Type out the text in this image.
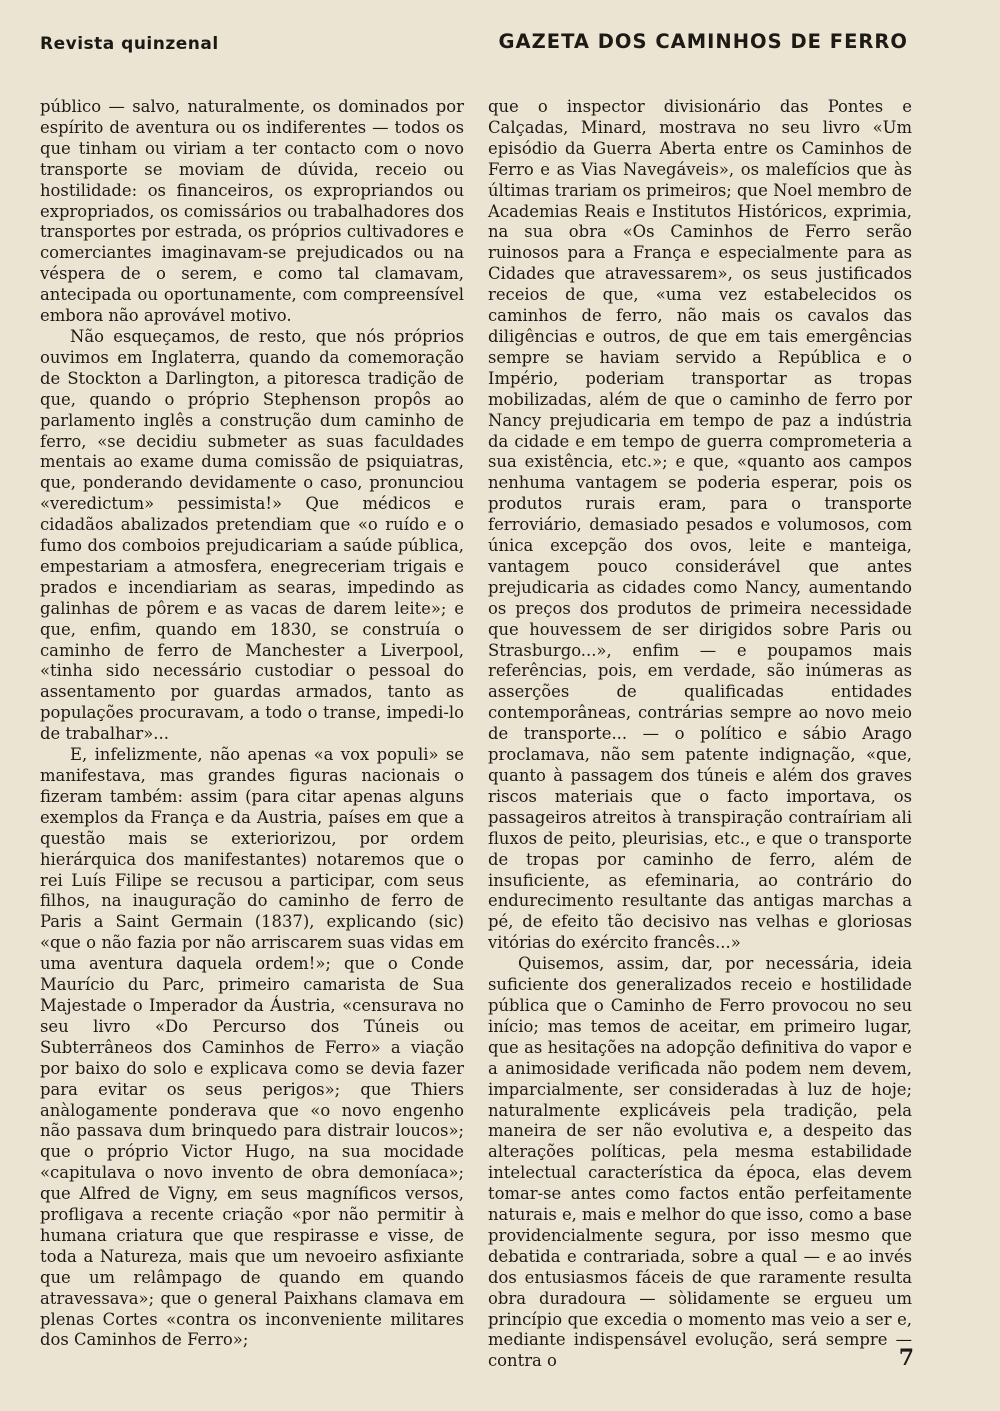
Revista quinzenal	GAZETA DOS CAMINHOS DE FERRO

público — salvo, naturalmente, os dominados por espírito de aventura ou os indiferentes — todos os que tinham ou viriam a ter contacto com o novo transporte se moviam de dúvida, receio ou hostilidade: os financeiros, os expropriandos ou expropriados, os comissários ou trabalhadores dos transportes por estrada, os próprios cultivadores e comerciantes imaginavam-se prejudicados ou na véspera de o serem, e como tal clamavam, antecipada ou oportunamente, com compreensível embora não aprovável motivo.

Não esqueçamos, de resto, que nós próprios ouvimos em Inglaterra, quando da comemoração de Stockton a Darlington, a pitoresca tradição de que, quando o próprio Stephenson propôs ao parlamento inglês a construção dum caminho de ferro, «se decidiu submeter as suas faculdades mentais ao exame duma comissão de psiquiatras, que, ponderando devidamente o caso, pronunciou «veredictum» pessimista!» Que médicos e cidadãos abalizados pretendiam que «o ruído e o fumo dos comboios prejudicariam a saúde pública, empestariam a atmosfera, enegreceriam trigais e prados e incendiariam as searas, impedindo as galinhas de pôrem e as vacas de darem leite»; e que, enfim, quando em 1830, se construía o caminho de ferro de Manchester a Liverpool, «tinha sido necessário custodiar o pessoal do assentamento por guardas armados, tanto as populações procuravam, a todo o transe, impedi-lo de trabalhar»...

E, infelizmente, não apenas «a vox populi» se manifestava, mas grandes figuras nacionais o fizeram também: assim (para citar apenas alguns exemplos da França e da Austria, países em que a questão mais se exteriorizou, por ordem hierárquica dos manifestantes) notaremos que o rei Luís Filipe se recusou a participar, com seus filhos, na inauguração do caminho de ferro de Paris a Saint Germain (1837), explicando (sic) «que o não fazia por não arriscarem suas vidas em uma aventura daquela ordem!»; que o Conde Maurício du Parc, primeiro camarista de Sua Majestade o Imperador da Áustria, «censurava no seu livro «Do Percurso dos Túneis ou Subterrâneos dos Caminhos de Ferro» a viação por baixo do solo e explicava como se devia fazer para evitar os seus perigos»; que Thiers anàlogamente ponderava que «o novo engenho não passava dum brinquedo para distrair loucos»; que o próprio Victor Hugo, na sua mocidade «capitulava o novo invento de obra demoníaca»; que Alfred de Vigny, em seus magníficos versos, profligava a recente criação «por não permitir à humana criatura que que respirasse e visse, de toda a Natureza, mais que um nevoeiro asfixiante que um relâmpago de quando em quando atravessava»; que o general Paixhans clamava em plenas Cortes «contra os inconveniente militares dos Caminhos de Ferro»;

que o inspector divisionário das Pontes e Calçadas, Minard, mostrava no seu livro «Um episódio da Guerra Aberta entre os Caminhos de Ferro e as Vias Navegáveis», os malefícios que às últimas trariam os primeiros; que Noel membro de Academias Reais e Institutos Históricos, exprimia, na sua obra «Os Caminhos de Ferro serão ruinosos para a França e especialmente para as Cidades que atravessarem», os seus justificados receios de que, «uma vez estabelecidos os caminhos de ferro, não mais os cavalos das diligências e outros, de que em tais emergências sempre se haviam servido a República e o Império, poderiam transportar as tropas mobilizadas, além de que o caminho de ferro por Nancy prejudicaria em tempo de paz a indústria da cidade e em tempo de guerra comprometeria a sua existência, etc.»; e que, «quanto aos campos nenhuma vantagem se poderia esperar, pois os produtos rurais eram, para o transporte ferroviário, demasiado pesados e volumosos, com única excepção dos ovos, leite e manteiga, vantagem pouco considerável que antes prejudicaria as cidades como Nancy, aumentando os preços dos produtos de primeira necessidade que houvessem de ser dirigidos sobre Paris ou Strasburgo...», enfim — e poupamos mais referências, pois, em verdade, são inúmeras as asserções de qualificadas entidades contemporâneas, contrárias sempre ao novo meio de transporte... — o político e sábio Arago proclamava, não sem patente indignação, «que, quanto à passagem dos túneis e além dos graves riscos materiais que o facto importava, os passageiros atreitos à transpiração contraíriam ali fluxos de peito, pleurisias, etc., e que o transporte de tropas por caminho de ferro, além de insuficiente, as efeminaria, ao contrário do endurecimento resultante das antigas marchas a pé, de efeito tão decisivo nas velhas e gloriosas vitórias do exército francês...»

Quisemos, assim, dar, por necessária, ideia suficiente dos generalizados receio e hostilidade pública que o Caminho de Ferro provocou no seu início; mas temos de aceitar, em primeiro lugar, que as hesitações na adopção definitiva do vapor e a animosidade verificada não podem nem devem, imparcialmente, ser consideradas à luz de hoje; naturalmente explicáveis pela tradição, pela maneira de ser não evolutiva e, a despeito das alterações políticas, pela mesma estabilidade intelectual característica da época, elas devem tomar-se antes como factos então perfeitamente naturais e, mais e melhor do que isso, como a base providencialmente segura, por isso mesmo que debatida e contrariada, sobre a qual — e ao invés dos entusiasmos fáceis de que raramente resulta obra duradoura — sòlidamente se ergueu um princípio que excedia o momento mas veio a ser e, mediante indispensável evolução, será sempre — contra o	7
